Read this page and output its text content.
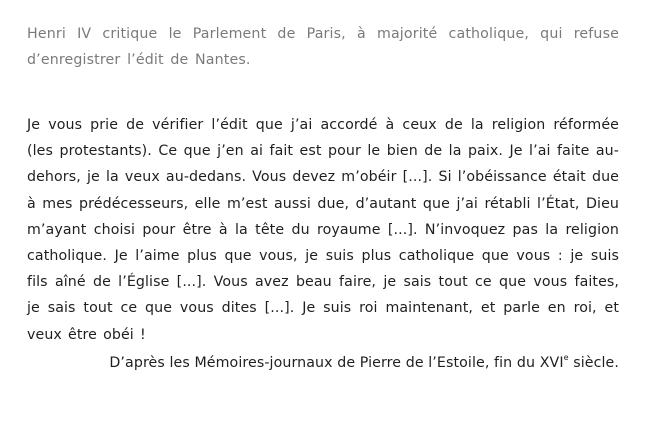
Henri IV critique le Parlement de Paris, à majorité catholique, qui refuse d’enregistrer l’édit de Nantes.

Je vous prie de vérifier l’édit que j’ai accordé à ceux de la religion réformée (les protestants). Ce que j’en ai fait est pour le bien de la paix. Je l’ai faite au-dehors, je la veux au-dedans. Vous devez m’obéir [...]. Si l’obéissance était due à mes prédécesseurs, elle m’est aussi due, d’autant que j’ai rétabli l’État, Dieu m’ayant choisi pour être à la tête du royaume [...]. N’invoquez pas la religion catholique. Je l’aime plus que vous, je suis plus catholique que vous : je suis fils aîné de l’Église [...]. Vous avez beau faire, je sais tout ce que vous faites, je sais tout ce que vous dites [...]. Je suis roi maintenant, et parle en roi, et veux être obéi !

D’après les Mémoires-journaux de Pierre de l’Estoile, fin du XVIe siècle.
